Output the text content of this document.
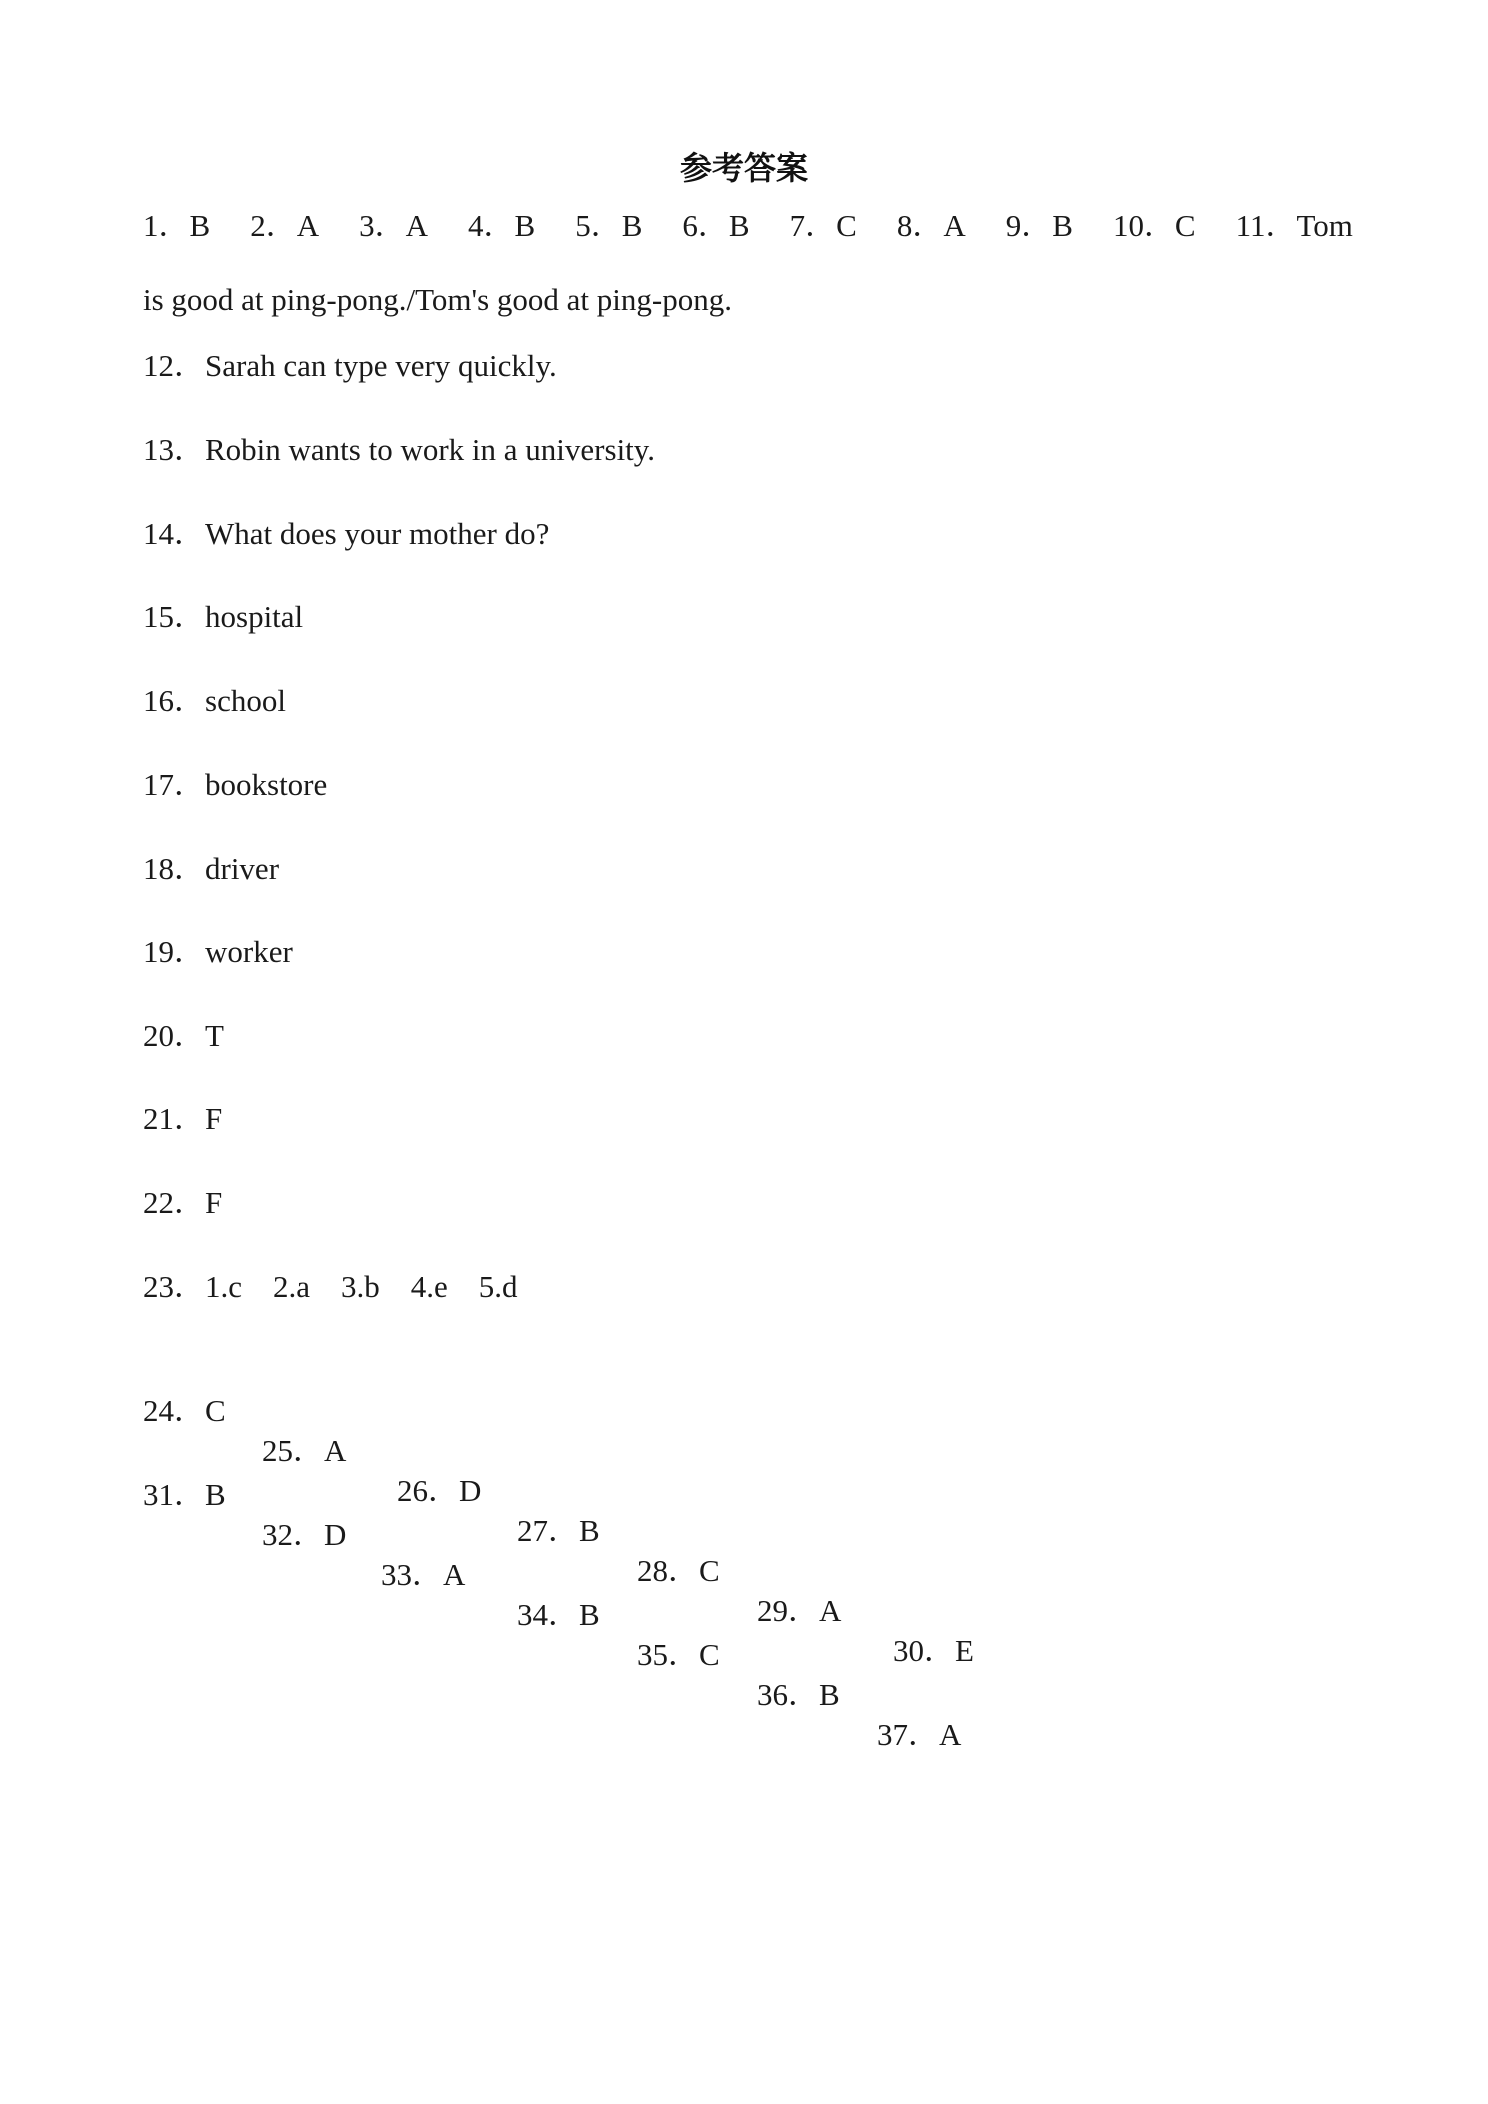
参考答案
1．B 2．A 3．A 4．B 5．B 6．B 7．C 8．A 9．B 10．C 11．Tom
is good at ping-pong./Tom's good at ping-pong.
12．Sarah can type very quickly.
13．Robin wants to work in a university.
14．What does your mother do?
15．hospital
16．school
17．bookstore
18．driver
19．worker
20．T
21．F
22．F
23．1.c    2.a    3.b    4.e    5.d

24．C

25．A

26．D

27．B

28．C

29．A

30．E

31．B

32．D

33．A

34．B

35．C

36．B

37．A
